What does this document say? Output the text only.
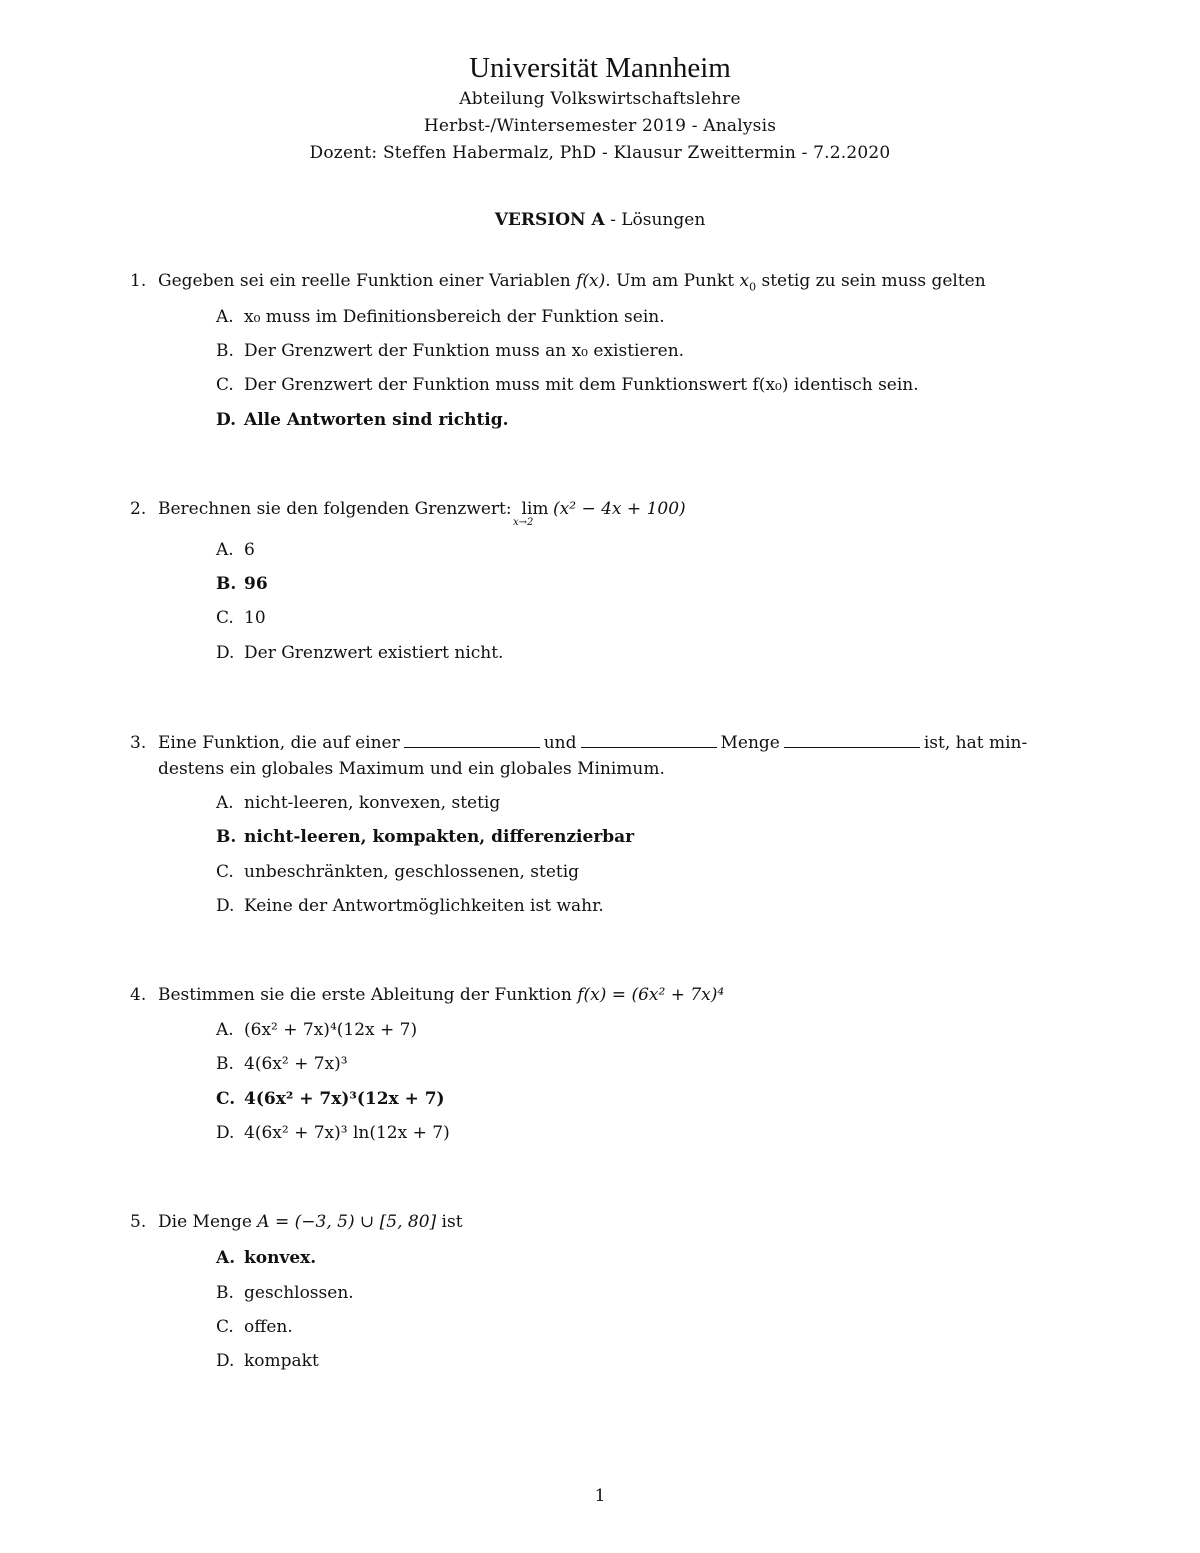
Universität Mannheim
Abteilung Volkswirtschaftslehre
Herbst-/Wintersemester 2019 - Analysis
Dozent: Steffen Habermalz, PhD - Klausur Zweittermin - 7.2.2020
VERSION A - Lösungen
1. Gegeben sei ein reelle Funktion einer Variablen f(x). Um am Punkt $x_0$ stetig zu sein muss gelten
A. x₀ muss im Definitionsbereich der Funktion sein.
B. Der Grenzwert der Funktion muss an x₀ existieren.
C. Der Grenzwert der Funktion muss mit dem Funktionswert f(x₀) identisch sein.
D. Alle Antworten sind richtig.
2. Berechnen sie den folgenden Grenzwert: lim
x→2
(x² − 4x + 100)
A. 6
B. 96
C. 10
D. Der Grenzwert existiert nicht.
3. Eine Funktion, die auf einer	und	Menge	ist, hat min-
destens ein globales Maximum und ein globales Minimum.
A. nicht-leeren, konvexen, stetig
B. nicht-leeren, kompakten, differenzierbar
C. unbeschränkten, geschlossenen, stetig
D. Keine der Antwortmöglichkeiten ist wahr.
4. Bestimmen sie die erste Ableitung der Funktion f(x) = (6x² + 7x)⁴
A. (6x² + 7x)⁴(12x + 7)
B. 4(6x² + 7x)³
C. 4(6x² + 7x)³(12x + 7)
D. 4(6x² + 7x)³ ln(12x + 7)
5. Die Menge A = (−3, 5) ∪ [5, 80] ist
A. konvex.
B. geschlossen.
C. offen.
D. kompakt
1
